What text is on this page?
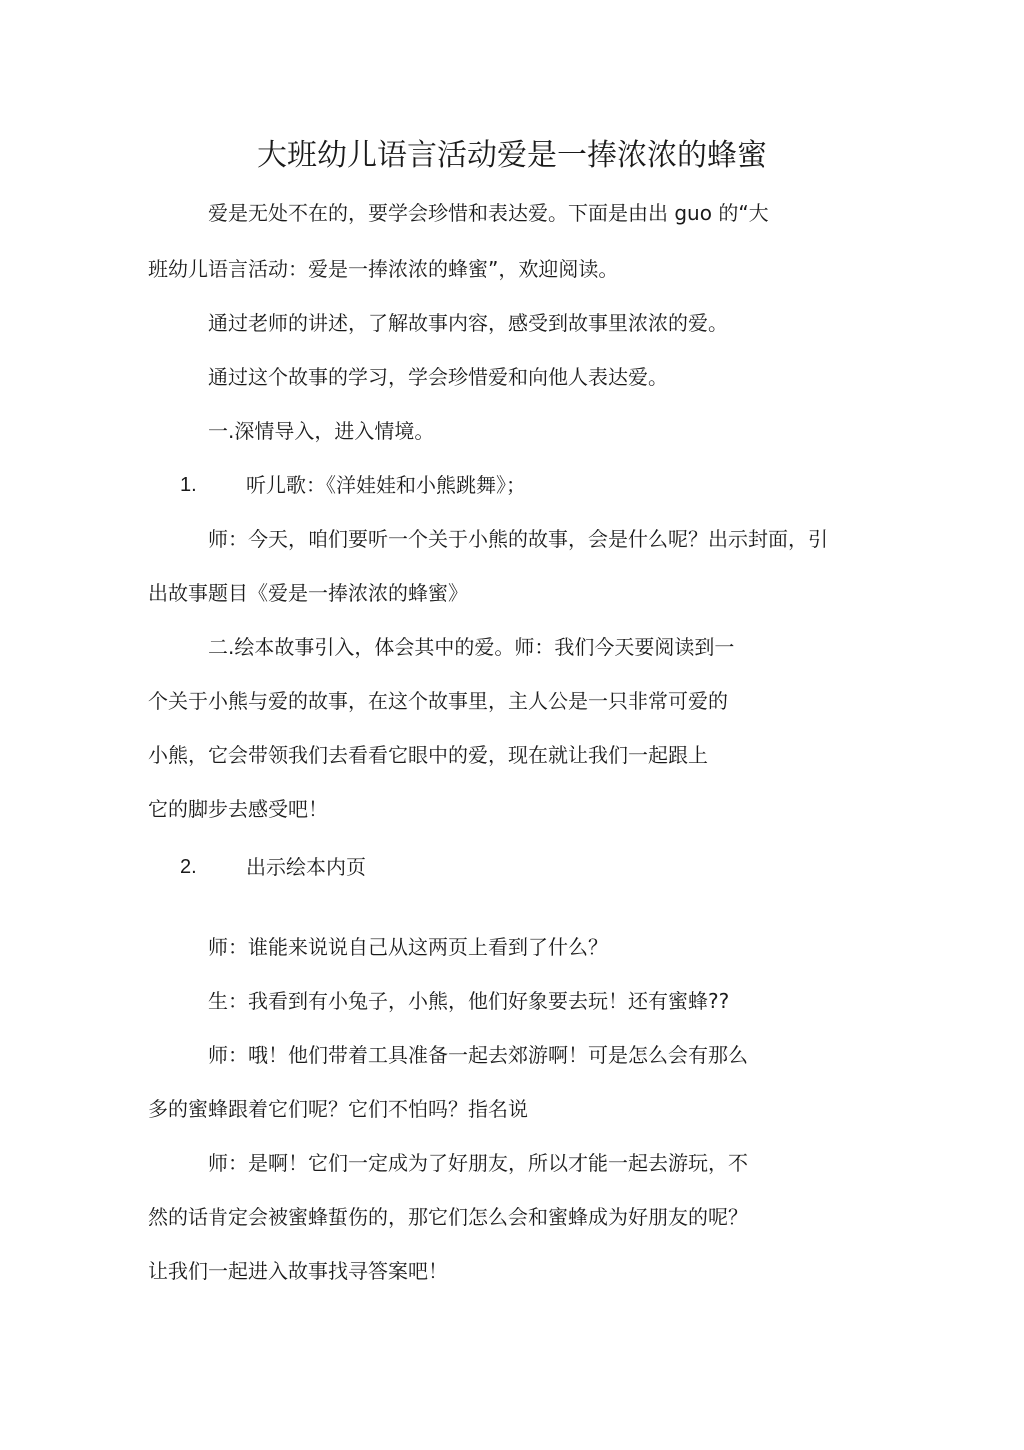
大班幼儿语言活动爱是一捧浓浓的蜂蜜

爱是无处不在的，要学会珍惜和表达爱。下面是由出 guo 的“大

班幼儿语言活动：爱是一捧浓浓的蜂蜜”，欢迎阅读。

通过老师的讲述，了解故事内容，感受到故事里浓浓的爱。

通过这个故事的学习，学会珍惜爱和向他人表达爱。

一.深情导入，进入情境。

1. 听儿歌：《洋娃娃和小熊跳舞》；

师：今天，咱们要听一个关于小熊的故事，会是什么呢？出示封面，引

出故事题目《爱是一捧浓浓的蜂蜜》

二.绘本故事引入，体会其中的爱。师：我们今天要阅读到一

个关于小熊与爱的故事，在这个故事里，主人公是一只非常可爱的

小熊，它会带领我们去看看它眼中的爱，现在就让我们一起跟上

它的脚步去感受吧！

2. 出示绘本内页

师：谁能来说说自己从这两页上看到了什么？

生：我看到有小兔子，小熊，他们好象要去玩！还有蜜蜂??

师：哦！他们带着工具准备一起去郊游啊！可是怎么会有那么

多的蜜蜂跟着它们呢？它们不怕吗？指名说

师：是啊！它们一定成为了好朋友，所以才能一起去游玩，不

然的话肯定会被蜜蜂蜇伤的，那它们怎么会和蜜蜂成为好朋友的呢？

让我们一起进入故事找寻答案吧！
